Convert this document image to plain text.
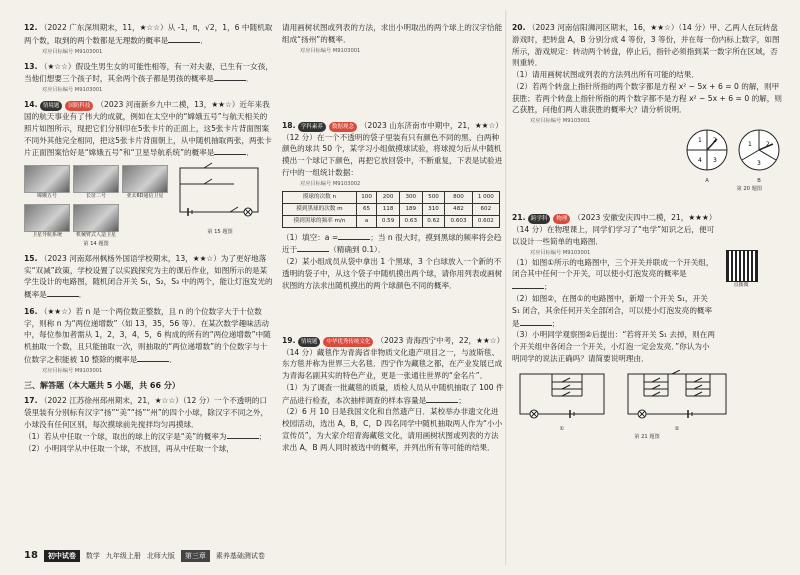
12. （2022 广东深圳期末，11，★☆☆）从 -1，π，√2，1，6 中随机取两个数，取到的两个数都是无理数的概率是	．
对应目标编号 M9103001
13. （★☆☆）假设生男生女的可能性相等，有一对夫妻，已生有一女孩，当他们想要三个孩子时，其余两个孩子都是男孩的概率是	．
对应目标编号 M9103001
14. 情境题 国防科技 （2023 河南新乡九中二模，13，★★☆）近年来我国的航天事业有了伟大的成就，例如在太空中的“嫦娥五号”与航天相关的照片如图所示，现把它们分别印在5张卡片的正面上，这5张卡片背面图案不同外其他完全相同，把这5张卡片背面朝上，从中随机抽取两张，两张卡片正面图案恰好是“嫦娥五号”和“卫星导航系统”的概率是	．
嫦娥五号	长征二号	亚太6D通信卫星
卫星导航系统	机械臂式人造卫星
第 14 题图
第 15 题图
15. （2023 河南郑州枫杨外国语学校期末，13，★★☆）为了更好地落实“双减”政策，学校设置了以实践探究为主的课后作业，如图所示的是某学生设计的电路图，随机闭合开关 S₁，S₂，S₃ 中的两个，能让灯泡发光的概率是	．
16. （★★☆）若 n 是一个两位数正整数，且 n 的个位数字大于十位数字，则称 n 为“两位递增数”（如 13，35，56 等）．在某次数学趣味活动中，每位参加者需从 1，2，3，4，5，6 构成的所有的“两位递增数”中随机抽取一个数，且只能抽取一次，则抽取的“两位递增数”的个位数字与十位数字之积能被 10 整除的概率是	．
对应目标编号 M9103001
三、解答题（本大题共 5 小题，共 66 分）
17. （2022 江苏徐州邳州期末，21，★☆☆）（12 分）一个不透明的口袋里装有分别标有汉字“扬”“美”“扬”“州”的四个小球，除汉字不同之外，小球没有任何区别，每次摸球前先搅拌均匀再摸球．
（1）若从中任取一个球，取出的球上的汉字是“美”的概率为	；
（2）小明同学从中任取一个球，不放回，再从中任取一个球，
请用画树状图或列表的方法，求出小明取出的两个球上的汉字恰能组成“扬州”的概率．
对应目标编号 M9103001
18. 学科素养 数据观念 （2023 山东济南市中期中，21，★★☆）（12 分）在一个不透明的袋子里装有只有颜色不同的黑、白两种颜色的球共 50 个，某学习小组做摸球试验，将球搅匀后从中随机摸出一个球记下颜色，再把它放回袋中，不断重复，下表是试验进行中的一组统计数据：
对应目标编号 M9103002
摸球的次数 n	100	200	300	500	800	1 000
摸到黑球的次数 m	65	118	189	310	482	602
摸到黑球的频率 m/n	a	0.59	0.63	0.62	0.603	0.602
（1）填空：a =	；当 n 很大时，摸到黑球的频率将会趋近于	（精确到 0.1）．
（2）某小组成员从袋中拿出 1 个黑球，3 个白球放入一个新的不透明的袋子中，从这个袋子中随机摸出两个球，请你用列表或画树状图的方法求出随机摸出的两个球颜色不同的概率．
19. 情境题 中华优秀传统文化 （2023 青海西宁中考，22，★★☆）（14 分）藏毯作为青海省非物质文化遗产项目之一，与波斯毯、东方毯并称为世界三大名毯．西宁作为藏毯之都，在产业发展已成为青海名副其实的特色产业，更是一张通往世界的“金名片”．
（1）为了调查一批藏毯的质量，质检人员从中随机抽取了 100 件产品进行检查，本次抽样调查的样本容量是	；
（2）6 月 10 日是我国文化和自然遗产日．某校举办非遗文化进校园活动，选出 A，B，C，D 四名同学中随机抽取两人作为“小小宣传员”，为大家介绍青海藏毯文化，请用画树状图或列表的方法求出 A，B 两人同时被选中的概率，并列出所有等可能的结果．
20. （2023 河南信阳浉河区期末，16，★★☆）（14 分）甲、乙两人在玩转盘游戏时，把转盘 A，B 分别分成 4 等份，3 等份，并在每一份内标上数字，如图所示，游戏规定：转动两个转盘，停止后，指针必须指到某一数字所在区域，否则重转．
（1）请用画树状图或列表的方法列出所有可能的结果．
（2）若两个转盘上指针所指的两个数字都是方程 x² − 5x + 6 = 0 的解，则甲获胜；若两个转盘上指针所指的两个数字都不是方程 x² − 5x + 6 = 0 的解，则乙获胜，问他们两人谁获胜的概率大？请分析说明．
对应目标编号 M9103001
1 2
3
4
A
1 2
3
B
第 20 题图
21. 跨学科 物理 （2023 安徽安庆四中二模，21，★★★）（14 分）在物理课上，同学们学习了“电学”知识之后，便可以设计一些简单的电路图．
对应目标编号 M9103001
（1）如图①所示的电路图中，三个开关并联成一个开关组，闭合其中任何一个开关，可以使小灯泡发亮的概率是；
（2）如图②，在图①的电路图中，新增一个开关 S₁，开关 S₁ 闭合，其余任何开关全部闭合，可以使小灯泡发亮的概率是	；
（3）小明同学观察图②后提出：“若将开关 S₁ 去掉，则在两个开关组中各闭合一个开关，小灯泡一定会发亮．”你认为小明同学的说法正确吗？请简要说明理由．
①	②
第 21 题图
点拨微
18	初中试卷	数学 九年级上册 北师大版	第三章	素养基础测试卷
